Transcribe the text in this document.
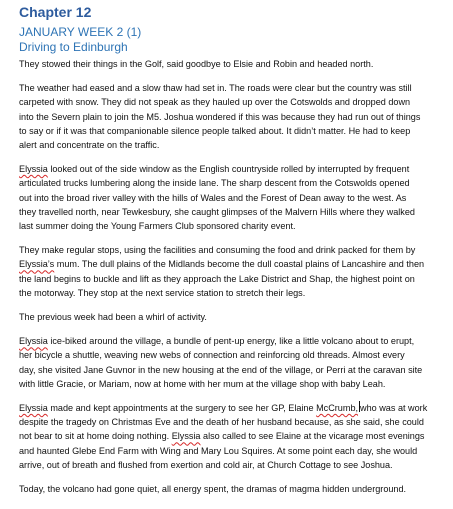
Chapter 12
JANUARY WEEK 2 (1)
Driving to Edinburgh
They stowed their things in the Golf, said goodbye to Elsie and Robin and headed north.
The weather had eased and a slow thaw had set in. The roads were clear but the country was still
carpeted with snow. They did not speak as they hauled up over the Cotswolds and dropped down
into the Severn plain to join the M5. Joshua wondered if this was because they had run out of things
to say or if it was that companionable silence people talked about. It didn’t matter. He had to keep
alert and concentrate on the traffic.
Elyssia looked out of the side window as the English countryside rolled by interrupted by frequent
articulated trucks lumbering along the inside lane. The sharp descent from the Cotswolds opened
out into the broad river valley with the hills of Wales and the Forest of Dean away to the west. As
they travelled north, near Tewkesbury, she caught glimpses of the Malvern Hills where they walked
last summer doing the Young Farmers Club sponsored charity event.
They make regular stops, using the facilities and consuming the food and drink packed for them by
Elyssia’s mum. The dull plains of the Midlands become the dull coastal plains of Lancashire and then
the land begins to buckle and lift as they approach the Lake District and Shap, the highest point on
the motorway. They stop at the next service station to stretch their legs.
The previous week had been a whirl of activity.
Elyssia ice-biked around the village, a bundle of pent-up energy, like a little volcano about to erupt,
her bicycle a shuttle, weaving new webs of connection and reinforcing old threads. Almost every
day, she visited Jane Guvnor in the new housing at the end of the village, or Perri at the caravan site
with little Gracie, or Mariam, now at home with her mum at the village shop with baby Leah.
Elyssia made and kept appointments at the surgery to see her GP, Elaine McCrumb, who was at work
despite the tragedy on Christmas Eve and the death of her husband because, as she said, she could
not bear to sit at home doing nothing. Elyssia also called to see Elaine at the vicarage most evenings
and haunted Glebe End Farm with Wing and Mary Lou Squires. At some point each day, she would
arrive, out of breath and flushed from exertion and cold air, at Church Cottage to see Joshua.
Today, the volcano had gone quiet, all energy spent, the dramas of magma hidden underground.
